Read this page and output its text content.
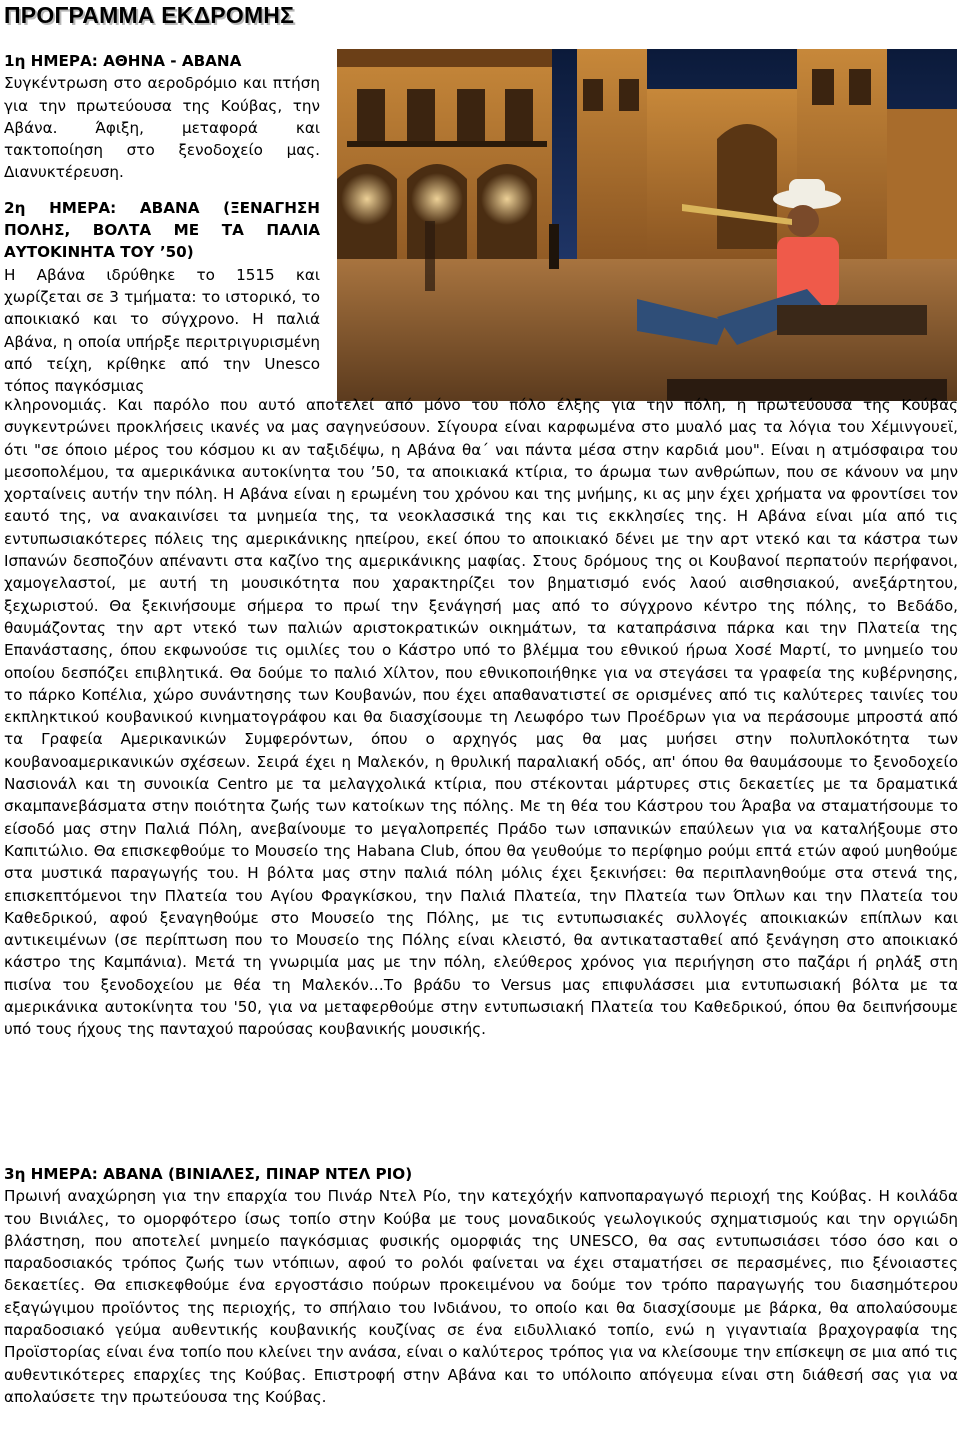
ΠΡΟΓΡΑΜΜΑ ΕΚΔΡΟΜΗΣ

1η ΗΜΕΡΑ: ΑΘΗΝΑ - ΑΒΑΝΑ

Συγκέντρωση στο αεροδρόμιο και πτήση για την πρωτεύουσα της Κούβας, την Αβάνα. Άφιξη, μεταφορά και τακτοποίηση στο ξενοδοχείο μας. Διανυκτέρευση.

2η ΗΜΕΡΑ: ΑΒΑΝΑ (ΞΕΝΑΓΗΣΗ ΠΟΛΗΣ, ΒΟΛΤΑ ΜΕ ΤΑ ΠΑΛΙΑ ΑΥΤΟΚΙΝΗΤΑ ΤΟΥ ’50)

Η Αβάνα ιδρύθηκε το 1515 και χωρίζεται σε 3 τμήματα: το ιστορικό, το αποικιακό και το σύγχρονο. Η παλιά Αβάνα, η οποία υπήρξε περιτριγυρισμένη από τείχη, κρίθηκε από την Unesco τόπος παγκόσμιας

κληρονομιάς. Και παρόλο που αυτό αποτελεί από μόνο του πόλο έλξης για την πόλη, η πρωτεύουσα της Κούβας συγκεντρώνει προκλήσεις ικανές να μας σαγηνεύσουν. Σίγουρα είναι καρφωμένα στο μυαλό μας τα λόγια του Χέμινγουεϊ, ότι "σε όποιο μέρος του κόσμου κι αν ταξιδέψω, η Αβάνα θα΄ ναι πάντα μέσα στην καρδιά μου". Είναι η ατμόσφαιρα του μεσοπολέμου, τα αμερικάνικα αυτοκίνητα του ’50, τα αποικιακά κτίρια, το άρωμα των ανθρώπων, που σε κάνουν να μην χορταίνεις αυτήν την πόλη. Η Αβάνα είναι η ερωμένη του χρόνου και της μνήμης, κι ας μην έχει χρήματα να φροντίσει τον εαυτό της, να ανακαινίσει τα μνημεία της, τα νεοκλασσικά της και τις εκκλησίες της. Η Αβάνα είναι μία από τις εντυπωσιακότερες πόλεις της αμερικάνικης ηπείρου, εκεί όπου το αποικιακό δένει με την αρτ ντεκό και τα κάστρα των Ισπανών δεσποζόυν απέναντι στα καζίνο της αμερικάνικης μαφίας. Στους δρόμους της οι Κουβανοί περπατούν περήφανοι, χαμογελαστοί, με αυτή τη μουσικότητα που χαρακτηρίζει τον βηματισμό ενός λαού αισθησιακού, ανεξάρτητου, ξεχωριστού. Θα ξεκινήσουμε σήμερα το πρωί την ξενάγησή μας από το σύγχρονο κέντρο της πόλης, το Βεδάδο, θαυμάζοντας την αρτ ντεκό των παλιών αριστοκρατικών οικημάτων, τα καταπράσινα πάρκα και την Πλατεία της Επανάστασης, όπου εκφωνούσε τις ομιλίες του ο Κάστρο υπό το βλέμμα του εθνικού ήρωα Χοσέ Μαρτί, το μνημείο του οποίου δεσπόζει επιβλητικά. Θα δούμε το παλιό Χίλτον, που εθνικοποιήθηκε για να στεγάσει τα γραφεία της κυβέρνησης, το πάρκο Κοπέλια, χώρο συνάντησης των Κουβανών, που έχει απαθανατιστεί σε ορισμένες από τις καλύτερες ταινίες του εκπληκτικού κουβανικού κινηματογράφου και θα διασχίσουμε τη Λεωφόρο των Προέδρων για να περάσουμε μπροστά από τα Γραφεία Αμερικανικών Συμφερόντων, όπου ο αρχηγός μας θα μας μυήσει στην πολυπλοκότητα των κουβανοαμερικανικών σχέσεων. Σειρά έχει η Μαλεκόν, η θρυλική παραλιακή οδός, απ' όπου θα θαυμάσουμε το ξενοδοχείο Νασιονάλ και τη συνοικία Centro με τα μελαγχολικά κτίρια, που στέκονται μάρτυρες στις δεκαετίες με τα δραματικά σκαμπανεβάσματα στην ποιότητα ζωής των κατοίκων της πόλης. Με τη θέα του Κάστρου του Άραβα να σταματήσουμε το είσοδό μας στην Παλιά Πόλη, ανεβαίνουμε το μεγαλοπρεπές Πράδο των ισπανικών επαύλεων για να καταλήξουμε στο Καπιτώλιο. Θα επισκεφθούμε το Μουσείο της Habana Club, όπου θα γευθούμε το περίφημο ρούμι επτά ετών αφού μυηθούμε στα μυστικά παραγωγής του. Η βόλτα μας στην παλιά πόλη μόλις έχει ξεκινήσει: θα περιπλανηθούμε στα στενά της, επισκεπτόμενοι την Πλατεία του Αγίου Φραγκίσκου, την Παλιά Πλατεία, την Πλατεία των Όπλων και την Πλατεία του Καθεδρικού, αφού ξεναγηθούμε στο Μουσείο της Πόλης, με τις εντυπωσιακές συλλογές αποικιακών επίπλων και αντικειμένων (σε περίπτωση που το Μουσείο της Πόλης είναι κλειστό, θα αντικατασταθεί από ξενάγηση στο αποικιακό κάστρο της Καμπάνια). Μετά τη γνωριμία μας με την πόλη, ελεύθερος χρόνος για περιήγηση στο παζάρι ή ρηλάξ στη πισίνα του ξενοδοχείου με θέα τη Μαλεκόν…Το βράδυ το Versus μας επιφυλάσσει μια εντυπωσιακή βόλτα με τα αμερικάνικα αυτοκίνητα του '50, για να μεταφερθούμε στην εντυπωσιακή Πλατεία του Καθεδρικού, όπου θα δειπνήσουμε υπό τους ήχους της πανταχού παρούσας κουβανικής μουσικής.

3η ΗΜΕΡΑ: ΑΒΑΝΑ (ΒΙΝΙΑΛΕΣ, ΠΙΝΑΡ ΝΤΕΛ ΡΙΟ)

Πρωινή αναχώρηση για την επαρχία του Πινάρ Ντελ Ρίο, την κατεχόχήν καπνοπαραγωγό περιοχή της Κούβας. Η κοιλάδα του Βινιάλες, το ομορφότερο ίσως τοπίο στην Κούβα με τους μοναδικούς γεωλογικούς σχηματισμούς και την οργιώδη βλάστηση, που αποτελεί μνημείο παγκόσμιας φυσικής ομορφιάς της UNESCO, θα σας εντυπωσιάσει τόσο όσο και ο παραδοσιακός τρόπος ζωής των ντόπιων, αφού το ρολόι φαίνεται να έχει σταματήσει σε περασμένες, πιο ξένοιαστες δεκαετίες. Θα επισκεφθούμε ένα εργοστάσιο πούρων προκειμένου να δούμε τον τρόπο παραγωγής του διασημότερου εξαγώγιμου προϊόντος της περιοχής, το σπήλαιο του Ινδιάνου, το οποίο και θα διασχίσουμε με βάρκα, θα απολαύσουμε παραδοσιακό γεύμα αυθεντικής κουβανικής κουζίνας σε ένα ειδυλλιακό τοπίο, ενώ η γιγαντιαία βραχογραφία της Προϊστορίας είναι ένα τοπίο που κλείνει την ανάσα, είναι ο καλύτερος τρόπος για να κλείσουμε την επίσκεψη σε μια από τις αυθεντικότερες επαρχίες της Κούβας. Επιστροφή στην Αβάνα και το υπόλοιπο απόγευμα είναι στη διάθεσή σας για να απολαύσετε την πρωτεύουσα της Κούβας.
